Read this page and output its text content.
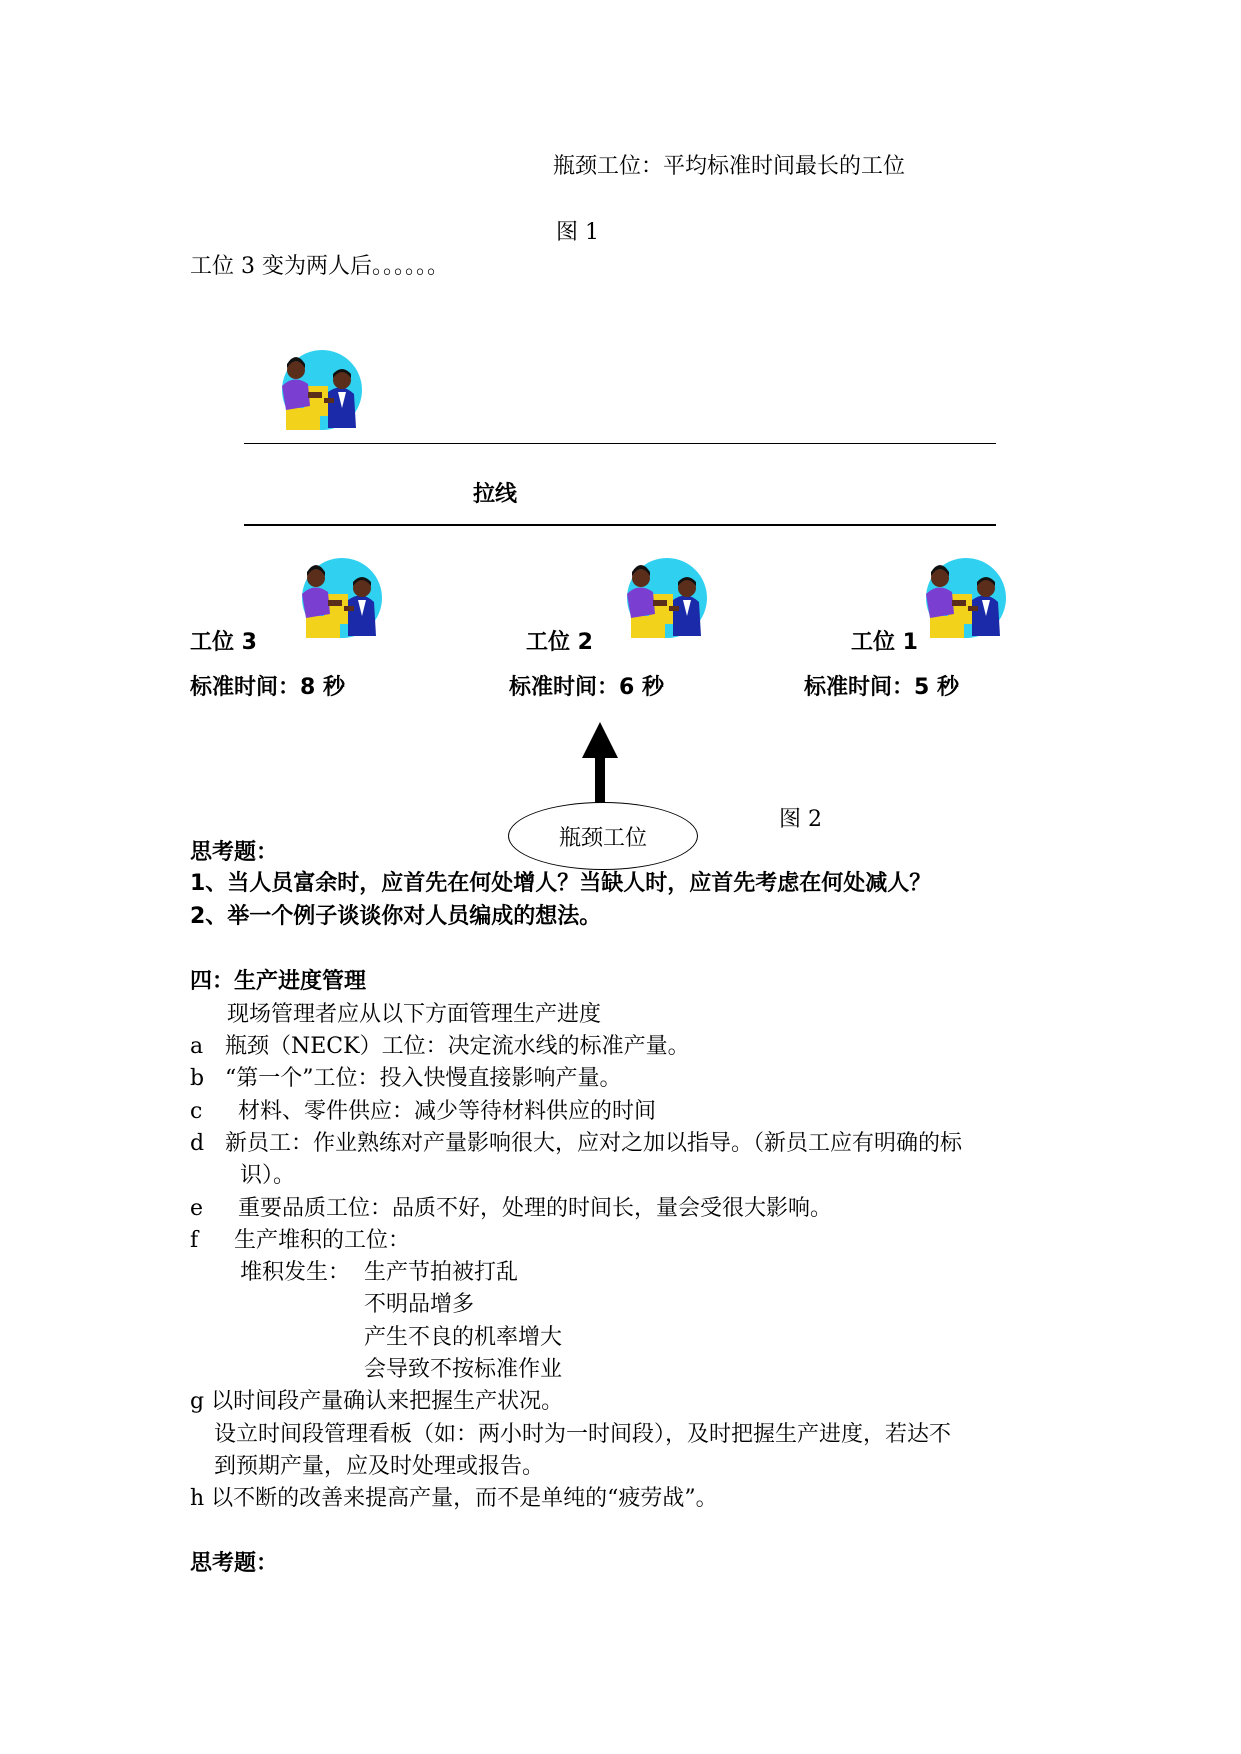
瓶颈工位：平均标准时间最长的工位
图 1
工位 3 变为两人后。。。。。。
拉线
工位 3	工位 2	工位 1
标准时间：8 秒	标准时间：6 秒	标准时间：5 秒
瓶颈工位
图 2
思考题：
1、当人员富余时，应首先在何处增人？当缺人时，应首先考虑在何处减人？
2、举一个例子谈谈你对人员编成的想法。
四：生产进度管理
现场管理者应从以下方面管理生产进度
a 瓶颈（NECK）工位：决定流水线的标准产量。
b “第一个”工位：投入快慢直接影响产量。
c 材料、零件供应：减少等待材料供应的时间
d 新员工：作业熟练对产量影响很大，应对之加以指导。（新员工应有明确的标
识）。
e 重要品质工位：品质不好，处理的时间长，量会受很大影响。
f 生产堆积的工位：
堆积发生： 生产节拍被打乱
不明品增多
产生不良的机率增大
会导致不按标准作业
g 以时间段产量确认来把握生产状况。
设立时间段管理看板（如：两小时为一时间段），及时把握生产进度，若达不
到预期产量，应及时处理或报告。
h 以不断的改善来提高产量，而不是单纯的“疲劳战”。
思考题：
